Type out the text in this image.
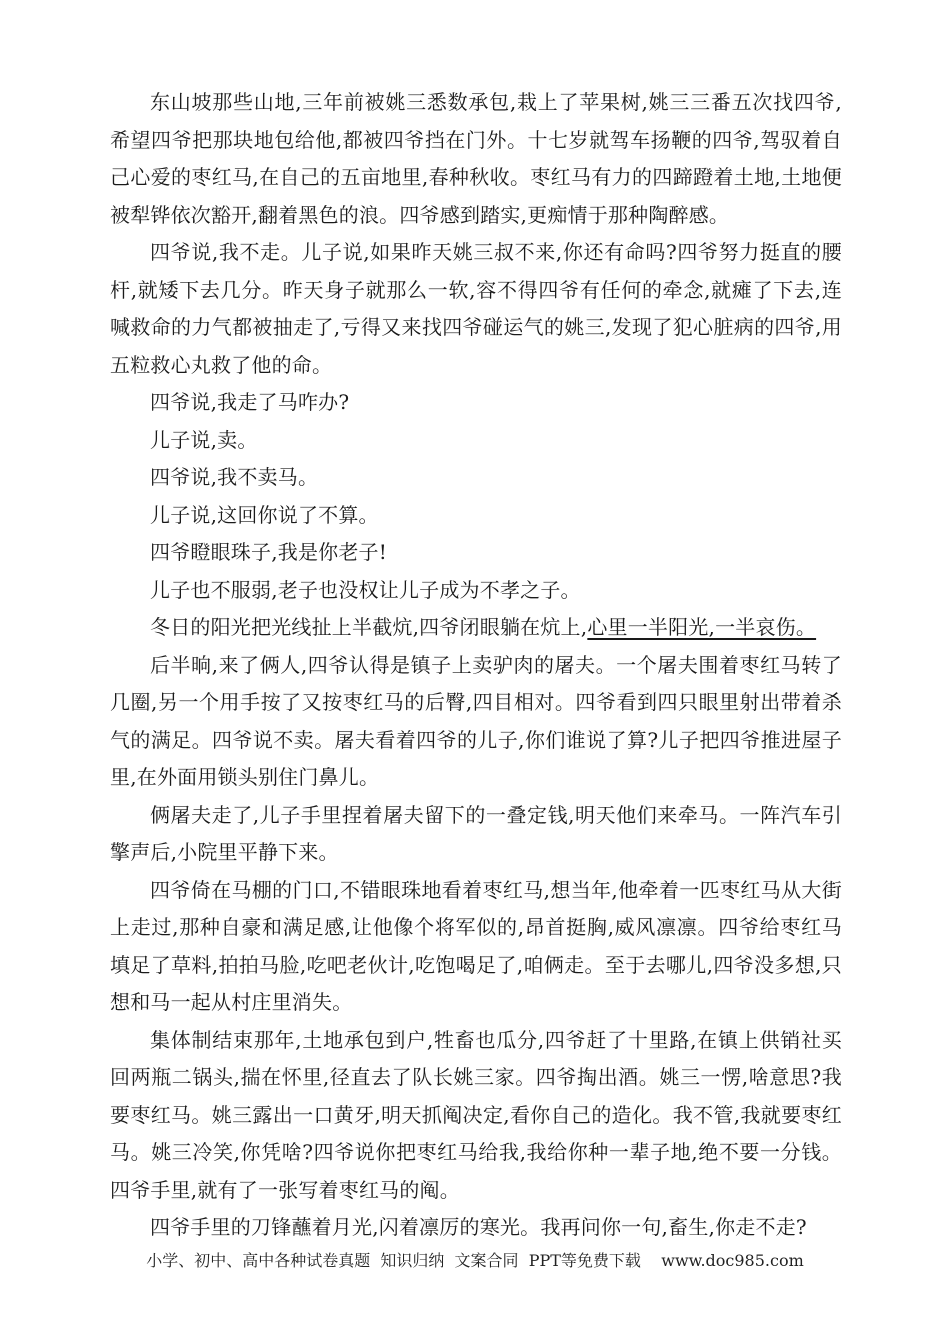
东山坡那些山地,三年前被姚三悉数承包,栽上了苹果树,姚三三番五次找四爷,希望四爷把那块地包给他,都被四爷挡在门外。十七岁就驾车扬鞭的四爷,驾驭着自己心爱的枣红马,在自己的五亩地里,春种秋收。枣红马有力的四蹄蹬着土地,土地便被犁铧依次豁开,翻着黑色的浪。四爷感到踏实,更痴情于那种陶醉感。

四爷说,我不走。儿子说,如果昨天姚三叔不来,你还有命吗?四爷努力挺直的腰杆,就矮下去几分。昨天身子就那么一软,容不得四爷有任何的牵念,就瘫了下去,连喊救命的力气都被抽走了,亏得又来找四爷碰运气的姚三,发现了犯心脏病的四爷,用五粒救心丸救了他的命。

四爷说,我走了马咋办?

儿子说,卖。

四爷说,我不卖马。

儿子说,这回你说了不算。

四爷瞪眼珠子,我是你老子!

儿子也不服弱,老子也没权让儿子成为不孝之子。

冬日的阳光把光线扯上半截炕,四爷闭眼躺在炕上,心里一半阳光,一半哀伤。

后半晌,来了俩人,四爷认得是镇子上卖驴肉的屠夫。一个屠夫围着枣红马转了几圈,另一个用手按了又按枣红马的后臀,四目相对。四爷看到四只眼里射出带着杀气的满足。四爷说不卖。屠夫看着四爷的儿子,你们谁说了算?儿子把四爷推进屋子里,在外面用锁头别住门鼻儿。

俩屠夫走了,儿子手里捏着屠夫留下的一叠定钱,明天他们来牵马。一阵汽车引擎声后,小院里平静下来。

四爷倚在马棚的门口,不错眼珠地看着枣红马,想当年,他牵着一匹枣红马从大街上走过,那种自豪和满足感,让他像个将军似的,昂首挺胸,威风凛凛。四爷给枣红马填足了草料,拍拍马脸,吃吧老伙计,吃饱喝足了,咱俩走。至于去哪儿,四爷没多想,只想和马一起从村庄里消失。

集体制结束那年,土地承包到户,牲畜也瓜分,四爷赶了十里路,在镇上供销社买回两瓶二锅头,揣在怀里,径直去了队长姚三家。四爷掏出酒。姚三一愣,啥意思?我要枣红马。姚三露出一口黄牙,明天抓阄决定,看你自己的造化。我不管,我就要枣红马。姚三冷笑,你凭啥?四爷说你把枣红马给我,我给你种一辈子地,绝不要一分钱。四爷手里,就有了一张写着枣红马的阄。

四爷手里的刀锋蘸着月光,闪着凛厉的寒光。我再问你一句,畜生,你走不走?

小学、初中、高中各种试卷真题  知识归纳  文案合同  PPT等免费下载    www.doc985.com
